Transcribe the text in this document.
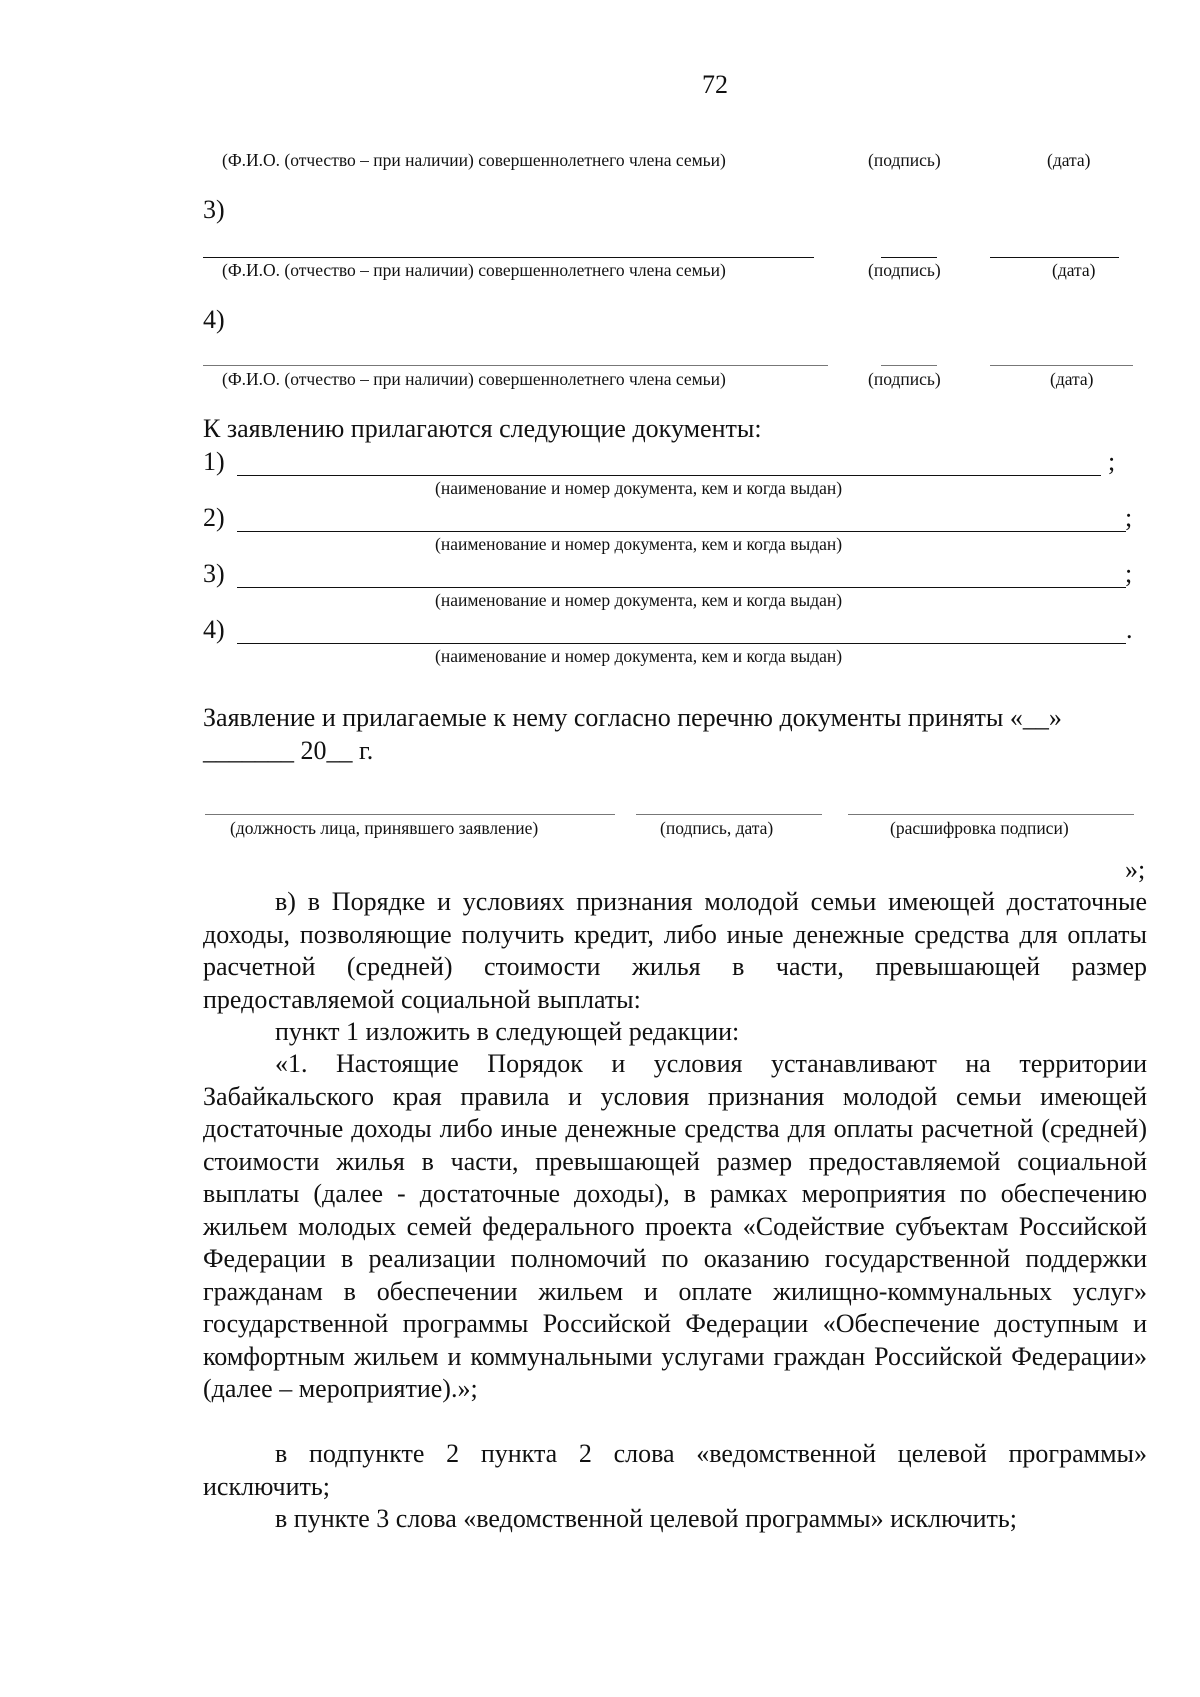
72
(Ф.И.О. (отчество – при наличии) совершеннолетнего члена семьи)	(подпись)	(дата)
3)
(Ф.И.О. (отчество – при наличии) совершеннолетнего члена семьи)	(подпись)	(дата)
4)
(Ф.И.О. (отчество – при наличии) совершеннолетнего члена семьи)	(подпись)	(дата)
К заявлению прилагаются следующие документы:
1)	;
(наименование и номер документа, кем и когда выдан)
2)	;
(наименование и номер документа, кем и когда выдан)
3)	;
(наименование и номер документа, кем и когда выдан)
4)	.
(наименование и номер документа, кем и когда выдан)
Заявление и прилагаемые к нему согласно перечню документы приняты «__»
_______ 20__ г.
(должность лица, принявшего заявление)	(подпись, дата)	(расшифровка подписи)
»;
в) в Порядке и условиях признания молодой семьи имеющей достаточные доходы, позволяющие получить кредит, либо иные денежные средства для оплаты расчетной (средней) стоимости жилья в части, превышающей размер предоставляемой социальной выплаты:
пункт 1 изложить в следующей редакции:
«1. Настоящие Порядок и условия устанавливают на территории Забайкальского края правила и условия признания молодой семьи имеющей достаточные доходы либо иные денежные средства для оплаты расчетной (средней) стоимости жилья в части, превышающей размер предоставляемой социальной выплаты (далее - достаточные доходы), в рамках мероприятия по обеспечению жильем молодых семей федерального проекта «Содействие субъектам Российской Федерации в реализации полномочий по оказанию государственной поддержки гражданам в обеспечении жильем и оплате жилищно-коммунальных услуг» государственной программы Российской Федерации «Обеспечение доступным и комфортным жильем и коммунальными услугами граждан Российской Федерации» (далее – мероприятие).»;
в подпункте 2 пункта 2 слова «ведомственной целевой программы» исключить;
в пункте 3 слова «ведомственной целевой программы» исключить;
